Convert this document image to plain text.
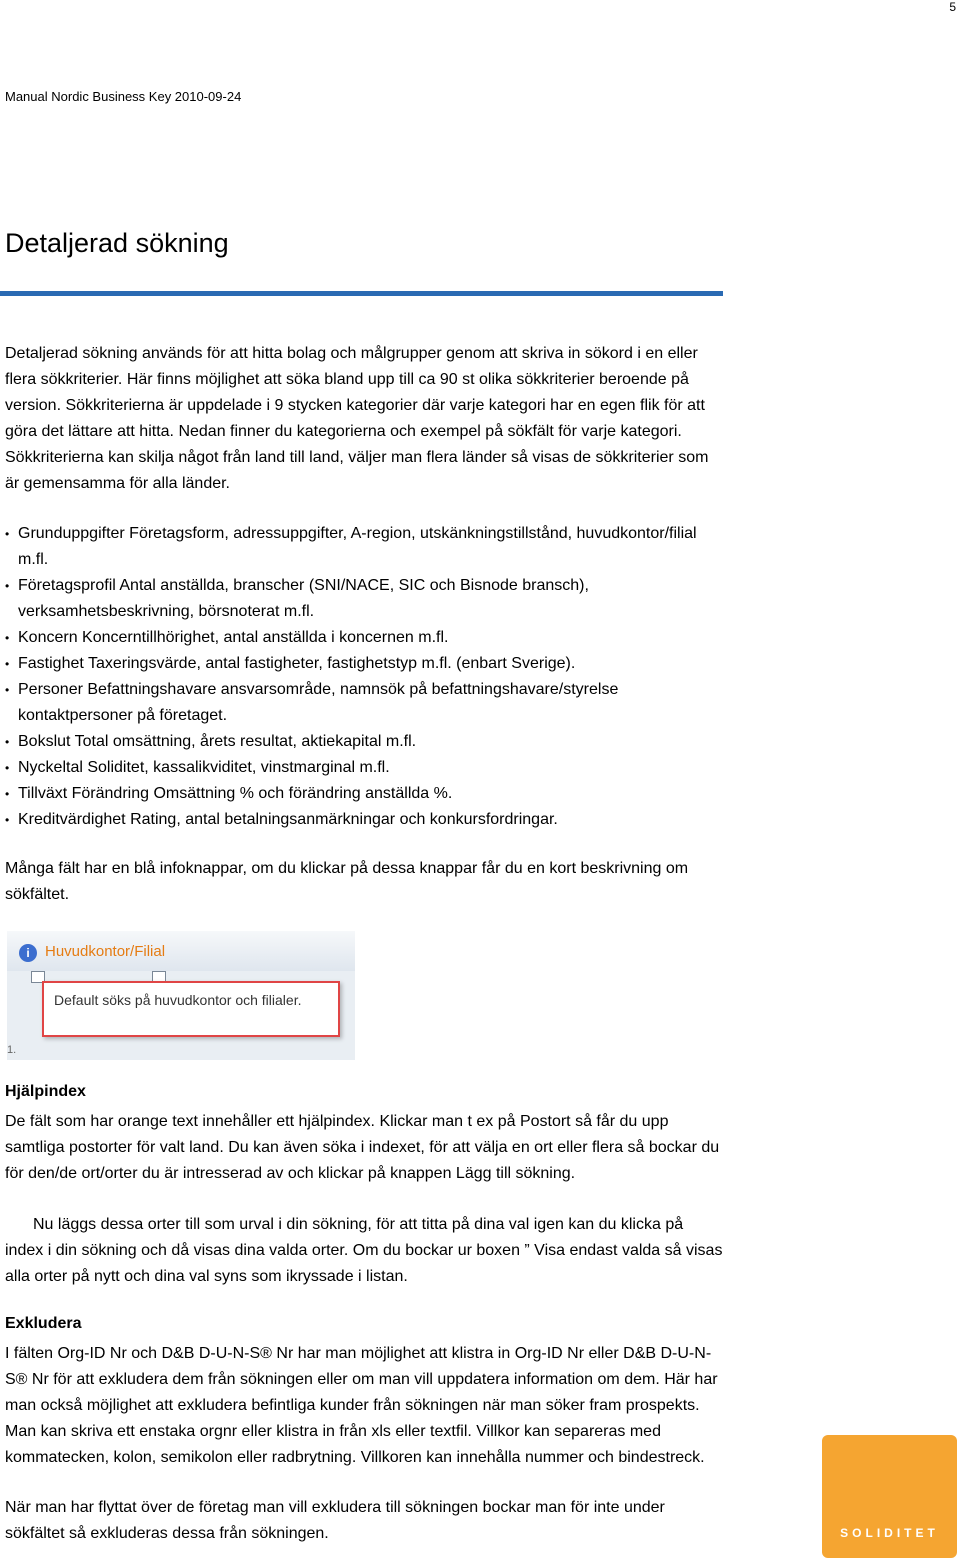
5
Manual Nordic Business Key 2010-09-24
Detaljerad sökning

Detaljerad sökning används för att hitta bolag och målgrupper genom att skriva in sökord i en eller flera sökkriterier. Här finns möjlighet att söka bland upp till ca 90 st olika sökkriterier beroende på version. Sökkriterierna är uppdelade i 9 stycken kategorier där varje kategori har en egen flik för att göra det lättare att hitta. Nedan finner du kategorierna och exempel på sökfält för varje kategori. Sökkriterierna kan skilja något från land till land, väljer man flera länder så visas de sökkriterier som är gemensamma för alla länder.

• Grunduppgifter Företagsform, adressuppgifter, A-region, utskänkningstillstånd, huvudkontor/filial m.fl.
• Företagsprofil Antal anställda, branscher (SNI/NACE, SIC och Bisnode bransch), verksamhetsbeskrivning, börsnoterat m.fl.
• Koncern Koncerntillhörighet, antal anställda i koncernen m.fl.
• Fastighet Taxeringsvärde, antal fastigheter, fastighetstyp m.fl. (enbart Sverige).
• Personer Befattningshavare ansvarsområde, namnsök på befattningshavare/styrelse kontaktpersoner på företaget.
• Bokslut Total omsättning, årets resultat, aktiekapital m.fl.
• Nyckeltal Soliditet, kassalikviditet, vinstmarginal m.fl.
• Tillväxt Förändring Omsättning % och förändring anställda %.
• Kreditvärdighet Rating, antal betalningsanmärkningar och konkursfordringar.

Många fält har en blå infoknappar, om du klickar på dessa knappar får du en kort beskrivning om sökfältet.

i	Huvudkontor/Filial
Default söks på huvudkontor och filialer.
1.
Hjälpindex

De fält som har orange text innehåller ett hjälpindex. Klickar man t ex på Postort så får du upp samtliga postorter för valt land. Du kan även söka i indexet, för att välja en ort eller flera så bockar du för den/de ort/orter du är intresserad av och klickar på knappen Lägg till sökning.

Nu läggs dessa orter till som urval i din sökning, för att titta på dina val igen kan du klicka på index i din sökning och då visas dina valda orter. Om du bockar ur boxen ” Visa endast valda så visas alla orter på nytt och dina val syns som ikryssade i listan.

Exkludera

I fälten Org-ID Nr och D&B D-U-N-S® Nr har man möjlighet att klistra in Org-ID Nr eller D&B D-U-N-S® Nr för att exkludera dem från sökningen eller om man vill uppdatera information om dem. Här har man också möjlighet att exkludera befintliga kunder från sökningen när man söker fram prospekts. Man kan skriva ett enstaka orgnr eller klistra in från xls eller textfil. Villkor kan separeras med kommatecken, kolon, semikolon eller radbrytning. Villkoren kan innehålla nummer och bindestreck.

När man har flyttat över de företag man vill exkludera till sökningen bockar man för inte under sökfältet så exkluderas dessa från sökningen.	SOLIDITET
